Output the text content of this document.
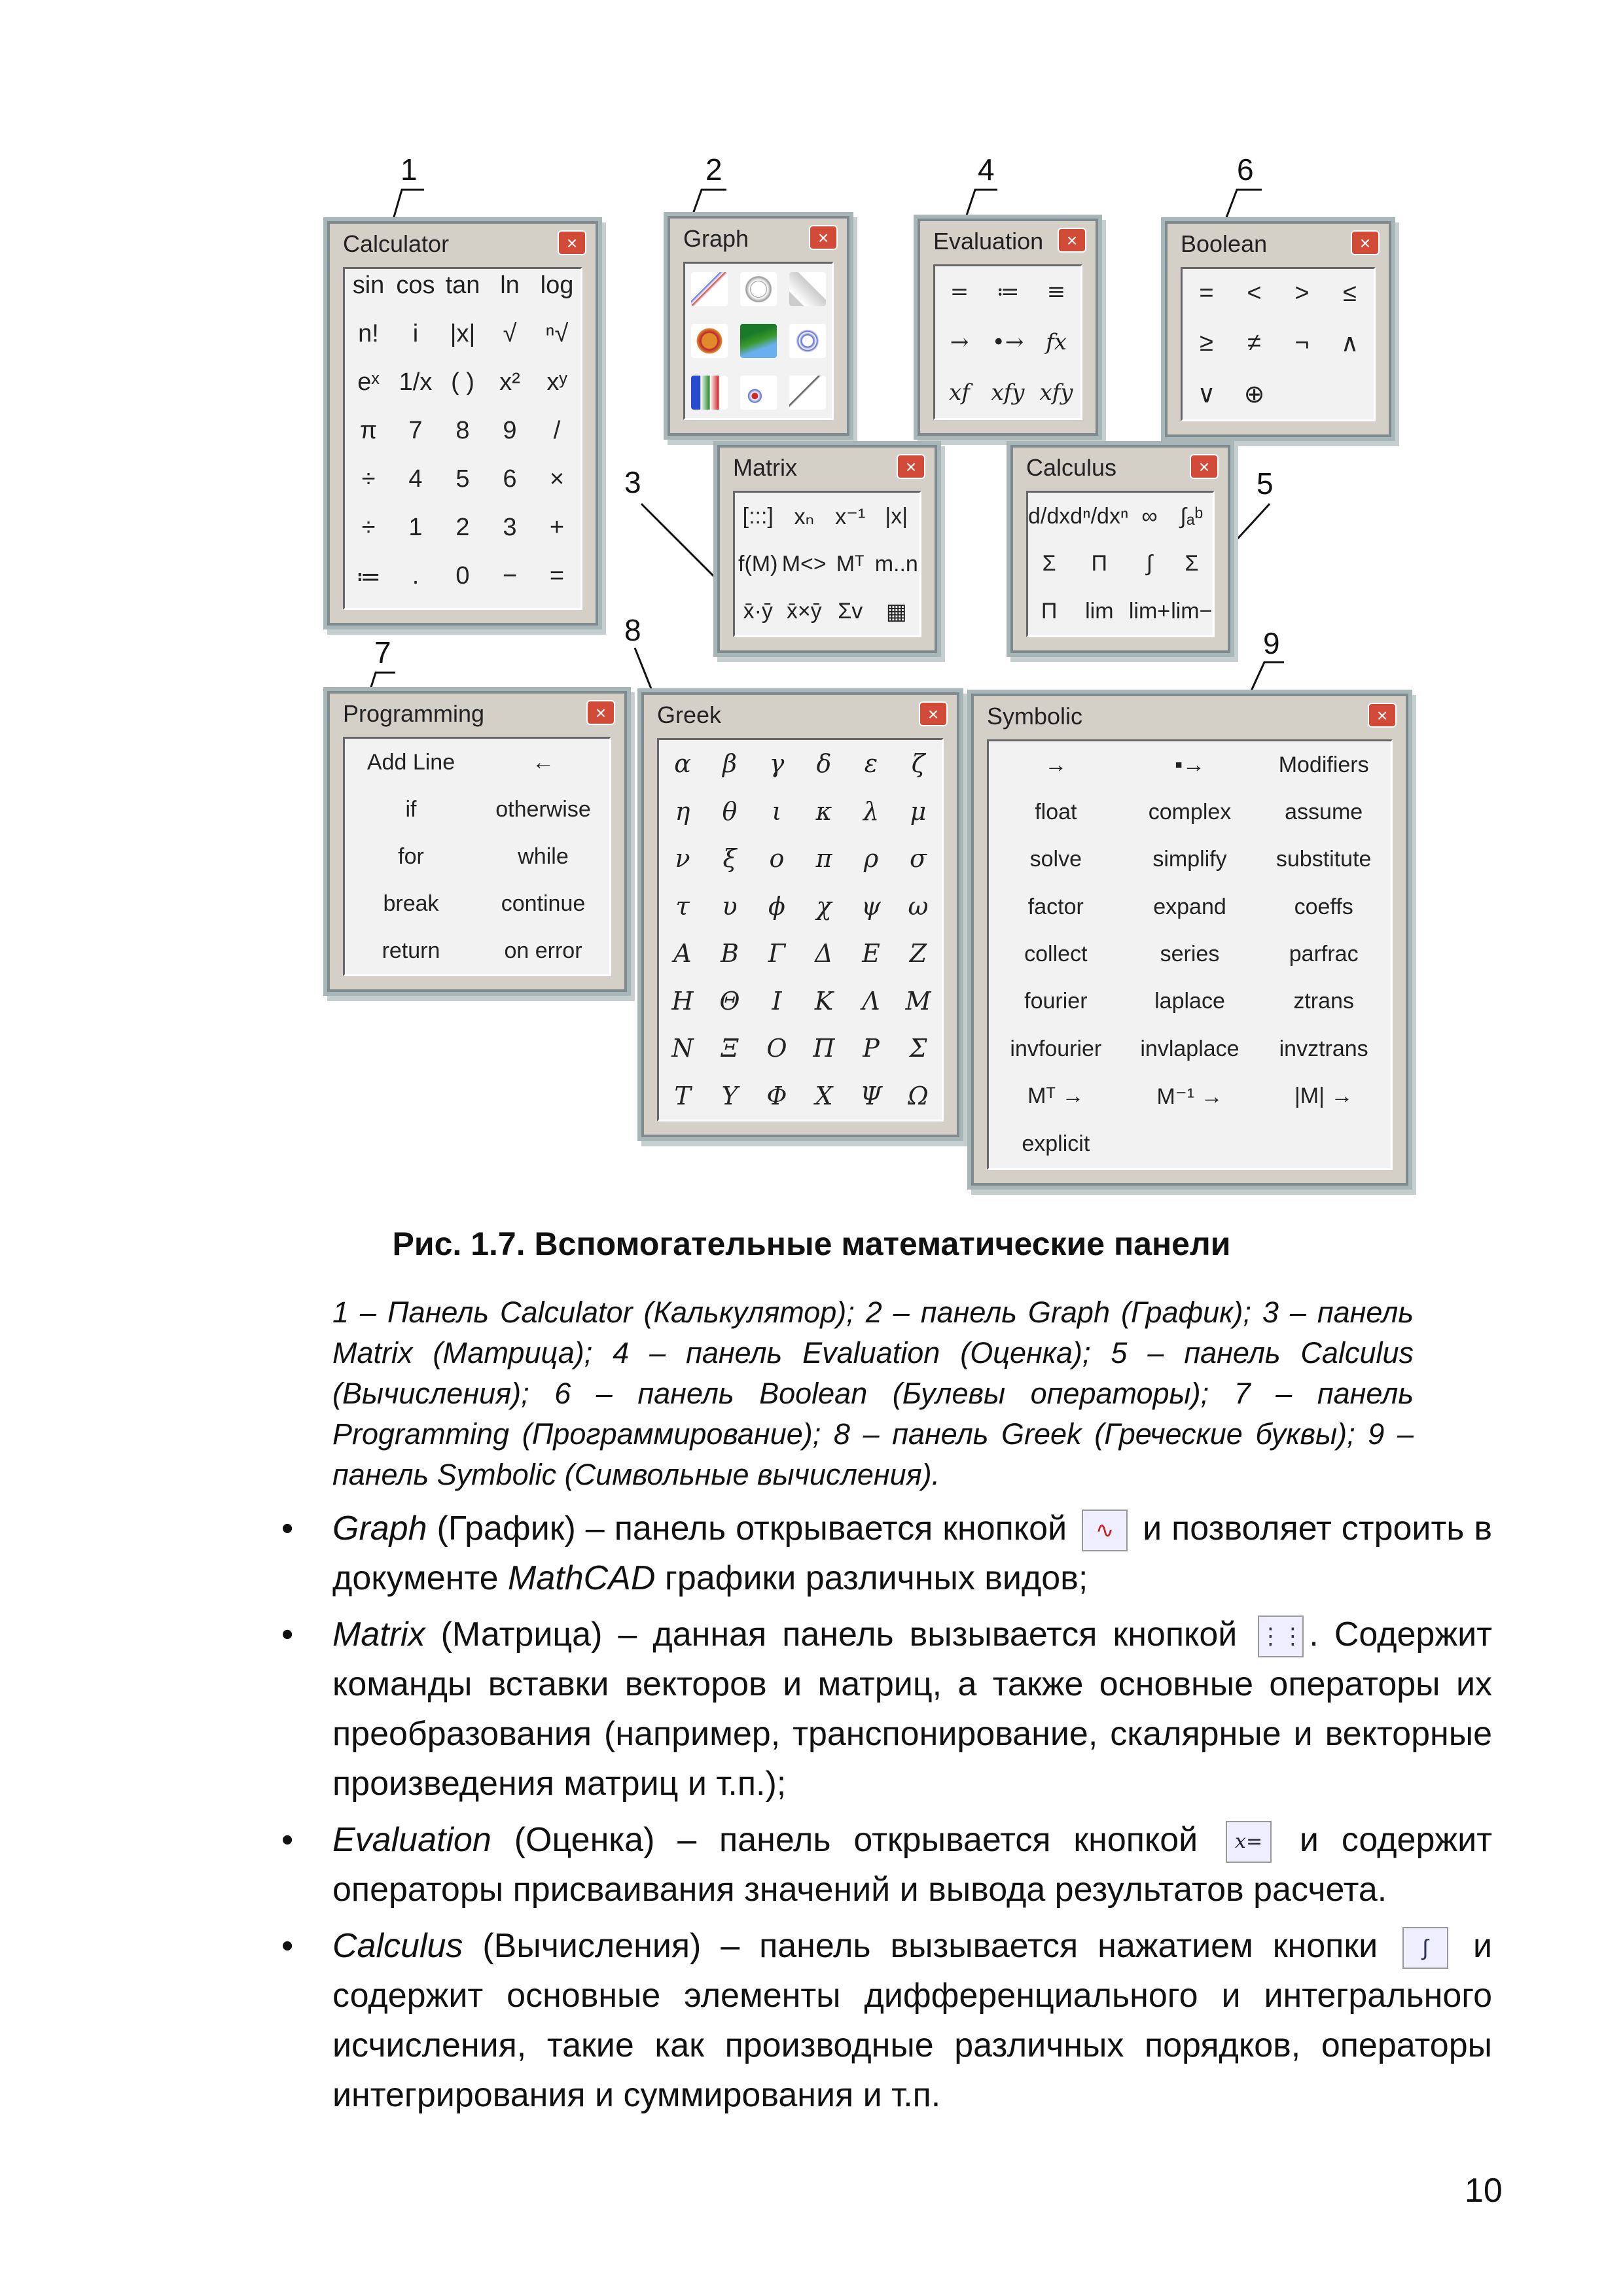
1	2
3
4
5
6
7
8	9
Calculator	×
sin cos tan ln log
n! i |x| √ ⁿ√
eˣ 1/x ( ) x² xʸ
π 7 8 9 /
÷ 4 5 6 ×
÷ 1 2 3 +
≔ . 0 − =
Graph	×	Evaluation	×
= ≔ ≡
→ •→ fx
xf xfy xfy
Boolean	×
= < > ≤
≥ ≠ ¬ ∧
∨ ⊕
Matrix	×
[:::] xₙ x⁻¹ |x|
f(M) M<> Mᵀ m..n
x̄·ȳ x̄×ȳ Σv ▦
Calculus	×
d/dx dⁿ/dxⁿ ∞ ∫ₐᵇ
Σ Π ∫ Σ
Π lim lim+ lim−
Programming	×
Add Line	←
if	otherwise
for	while
break	continue
return	on error
Greek	×
α β γ δ ε ζ
η θ ι κ λ μ
ν ξ ο π ρ σ
τ υ ϕ χ ψ ω
Α Β Γ Δ Ε Ζ
Η Θ Ι Κ Λ Μ
Ν Ξ Ο Π Ρ Σ
Τ Υ Φ Χ Ψ Ω
Symbolic	×
→	▪→	Modifiers
float	complex assume
solve	simplify substitute
factor	expand	coeffs
collect	series	parfrac
fourier	laplace	ztrans
invfourier invlaplace invztrans
Mᵀ →	M⁻¹ →	|M| →
explicit
Рис. 1.7. Вспомогательные математические панели
1 – Панель Calculator (Калькулятор); 2 – панель Graph (График); 3 – панель Matrix (Матрица); 4 – панель Evaluation (Оценка); 5 – панель Calculus (Вычисления); 6 – панель Boolean (Булевы операторы); 7 – панель Programming (Программирование); 8 – панель Greek (Греческие буквы); 9 – панель Symbolic (Символьные вычисления).
• Graph (График) – панель открывается кнопкой ∿ и позволяет строить в документе MathCAD графики различных видов;
• Matrix (Матрица) – данная панель вызывается кнопкой ⋮⋮ . Содержит команды вставки векторов и матриц, а также основные операторы их преобразования (например, транспонирование, скалярные и векторные произведения матриц и т.п.);
• Evaluation (Оценка) – панель открывается кнопкой x= и содержит операторы присваивания значений и вывода результатов расчета.
• Calculus (Вычисления) – панель вызывается нажатием кнопки ∫ и содержит основные элементы дифференциального и интегрального исчисления, такие как производные различных порядков, операторы интегрирования и суммирования и т.п.
10
